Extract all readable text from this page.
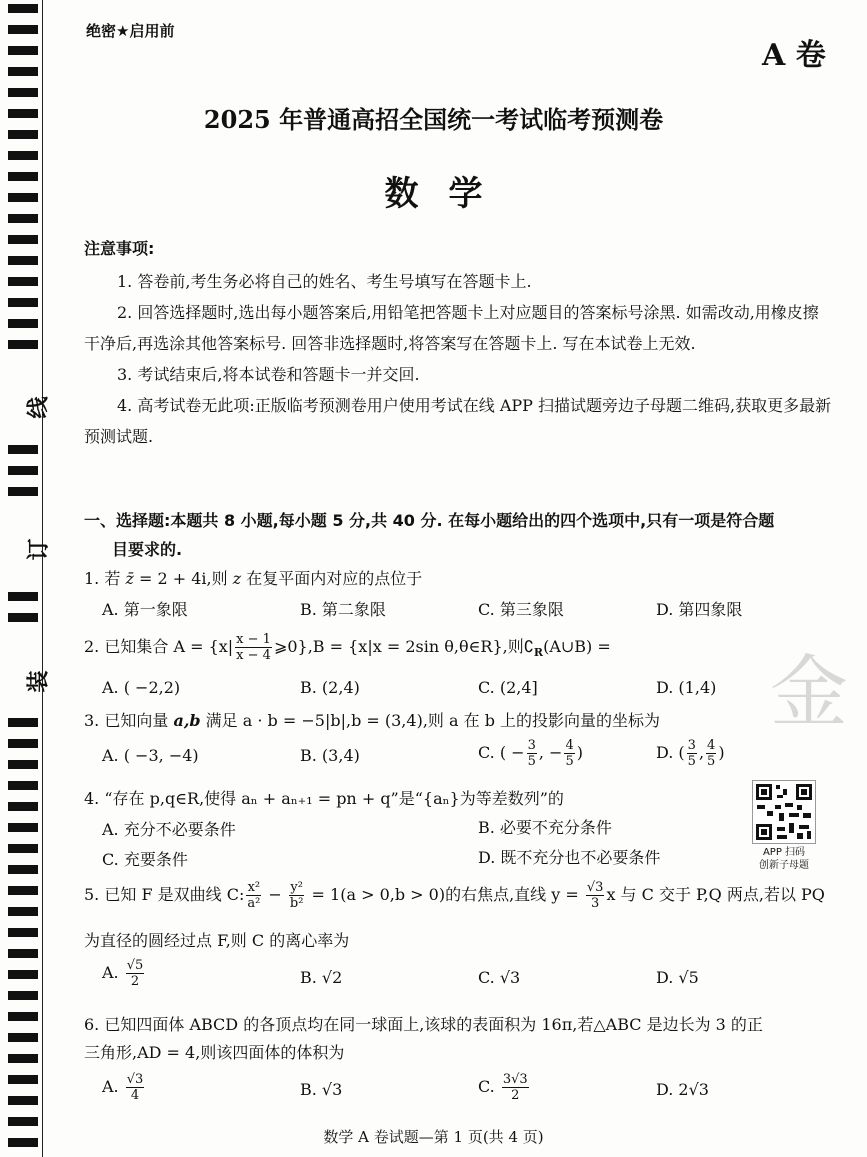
线
订
装
绝密★启用前
A 卷
2025 年普通高招全国统一考试临考预测卷
数学
注意事项:

1. 答卷前,考生务必将自己的姓名、考生号填写在答题卡上.

2. 回答选择题时,选出每小题答案后,用铅笔把答题卡上对应题目的答案标号涂黑. 如需改动,用橡皮擦干净后,再选涂其他答案标号. 回答非选择题时,将答案写在答题卡上. 写在本试卷上无效.

3. 考试结束后,将本试卷和答题卡一并交回.

4. 高考试卷无此项:正版临考预测卷用户使用考试在线 APP 扫描试题旁边子母题二维码,获取更多最新预测试题.

一、选择题:本题共 8 小题,每小题 5 分,共 40 分. 在每小题给出的四个选项中,只有一项是符合题
目要求的.
1. 若 z̄ = 2 + 4i,则 z 在复平面内对应的点位于
A. 第一象限	B. 第二象限	C. 第三象限	D. 第四象限
2. 已知集合 $A = \{x| \frac{x - 1}{x - 4}$ ⩾0},B = {x|x = 2sin θ,θ∈R},则$∁_R(A\cup B)$ =
A. ( −2,2)	B. (2,4)	C. (2,4]	D. (1,4)
3. 已知向量 a,b 满足 a · b = −5|b|,b = (3,4),则 a 在 b 上的投影向量的坐标为
A. ( −3, −4)	B. (3,4)	C. ( − $\frac{3}{5}$ , − $\frac{4}{5}$ )	D. ( $\frac{3}{5}$ , $\frac{4}{5}$ )
4. “存在 p,q∈R,使得 aₙ + aₙ₊₁ = pn + q”是“{aₙ}为等差数列”的
A. 充分不必要条件	B. 必要不充分条件
C. 充要条件	D. 既不充分也不必要条件	APP 扫码
创新子母题
金
5. 已知 F 是双曲线 C: $\frac{\text{x²}}{\text{a²}} - \frac{\text{y²}}{\text{b²}} = 1(a > 0,b > 0)$的右焦点,直线 $y = \frac{√3}{3}$ x 与 C 交于 P,Q 两点,若以 PQ
为直径的圆经过点 F,则 C 的离心率为
A. $\frac{√5}{2}$	B. √2	C. √3	D. √5
6. 已知四面体 ABCD 的各顶点均在同一球面上,该球的表面积为 16π,若△ABC 是边长为 3 的正
三角形,AD = 4,则该四面体的体积为
A. $\frac{√3}{4}$	B. √3	C. $\frac{3√3}{2}$	D. 2√3
数学 A 卷试题—第 1 页(共 4 页)
